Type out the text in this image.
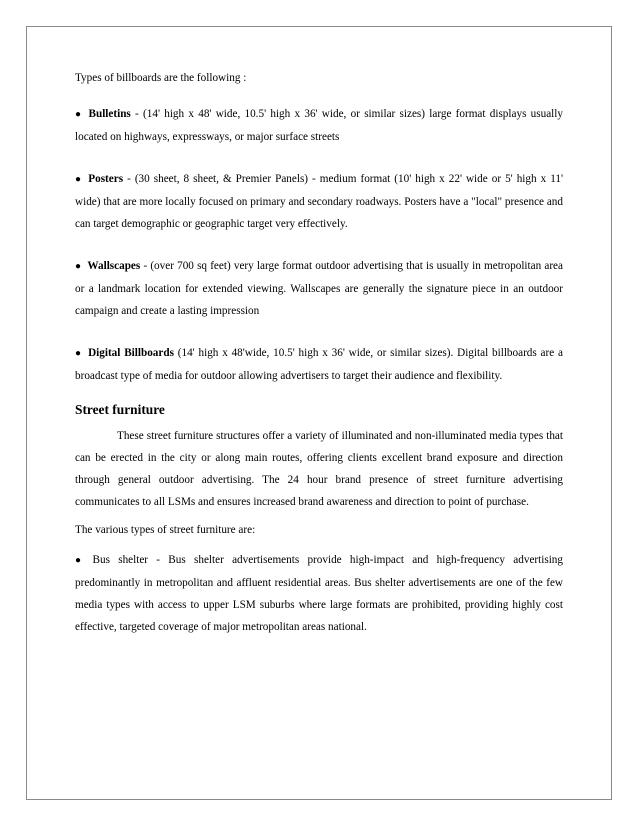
Types of billboards are the following :

● Bulletins - (14' high x 48' wide, 10.5' high x 36' wide, or similar sizes) large format displays usually located on highways, expressways, or major surface streets

● Posters - (30 sheet, 8 sheet, & Premier Panels) - medium format (10' high x 22' wide or 5' high x 11' wide) that are more locally focused on primary and secondary roadways. Posters have a "local" presence and can target demographic or geographic target very effectively.

● Wallscapes - (over 700 sq feet) very large format outdoor advertising that is usually in metropolitan area or a landmark location for extended viewing. Wallscapes are generally the signature piece in an outdoor campaign and create a lasting impression

● Digital Billboards (14' high x 48'wide, 10.5' high x 36' wide, or similar sizes). Digital billboards are a broadcast type of media for outdoor allowing advertisers to target their audience and flexibility.

Street furniture

These street furniture structures offer a variety of illuminated and non-illuminated media types that can be erected in the city or along main routes, offering clients excellent brand exposure and direction through general outdoor advertising. The 24 hour brand presence of street furniture advertising communicates to all LSMs and ensures increased brand awareness and direction to point of purchase.

The various types of street furniture are:

● Bus shelter - Bus shelter advertisements provide high-impact and high-frequency advertising predominantly in metropolitan and affluent residential areas. Bus shelter advertisements are one of the few media types with access to upper LSM suburbs where large formats are prohibited, providing highly cost effective, targeted coverage of major metropolitan areas national.
